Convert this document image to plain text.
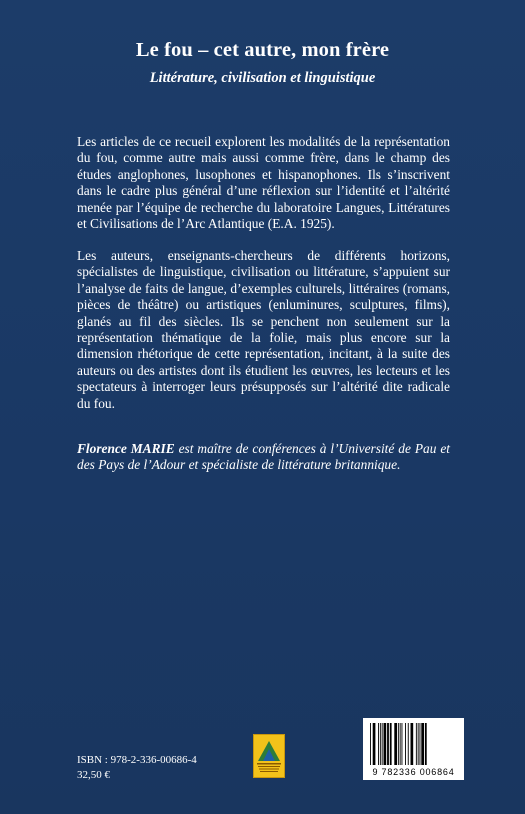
Le fou – cet autre, mon frère
Littérature, civilisation et linguistique
Les articles de ce recueil explorent les modalités de la représentation du fou, comme autre mais aussi comme frère, dans le champ des études anglophones, lusophones et hispanophones. Ils s’inscrivent dans le cadre plus général d’une réflexion sur l’identité et l’altérité menée par l’équipe de recherche du laboratoire Langues, Littératures et Civilisations de l’Arc Atlantique (E.A. 1925).
Les auteurs, enseignants-chercheurs de différents horizons, spécialistes de linguistique, civilisation ou littérature, s’appuient sur l’analyse de faits de langue, d’exemples culturels, littéraires (romans, pièces de théâtre) ou artistiques (enluminures, sculptures, films), glanés au fil des siècles. Ils se penchent non seulement sur la représentation thématique de la folie, mais plus encore sur la dimension rhétorique de cette représentation, incitant, à la suite des auteurs ou des artistes dont ils étudient les œuvres, les lecteurs et les spectateurs à interroger leurs présupposés sur l’altérité dite radicale du fou.
Florence MARIE est maître de conférences à l’Université de Pau et des Pays de l’Adour et spécialiste de littérature britannique.
ISBN : 978-2-336-00686-4
32,50 €	9 782336 006864
